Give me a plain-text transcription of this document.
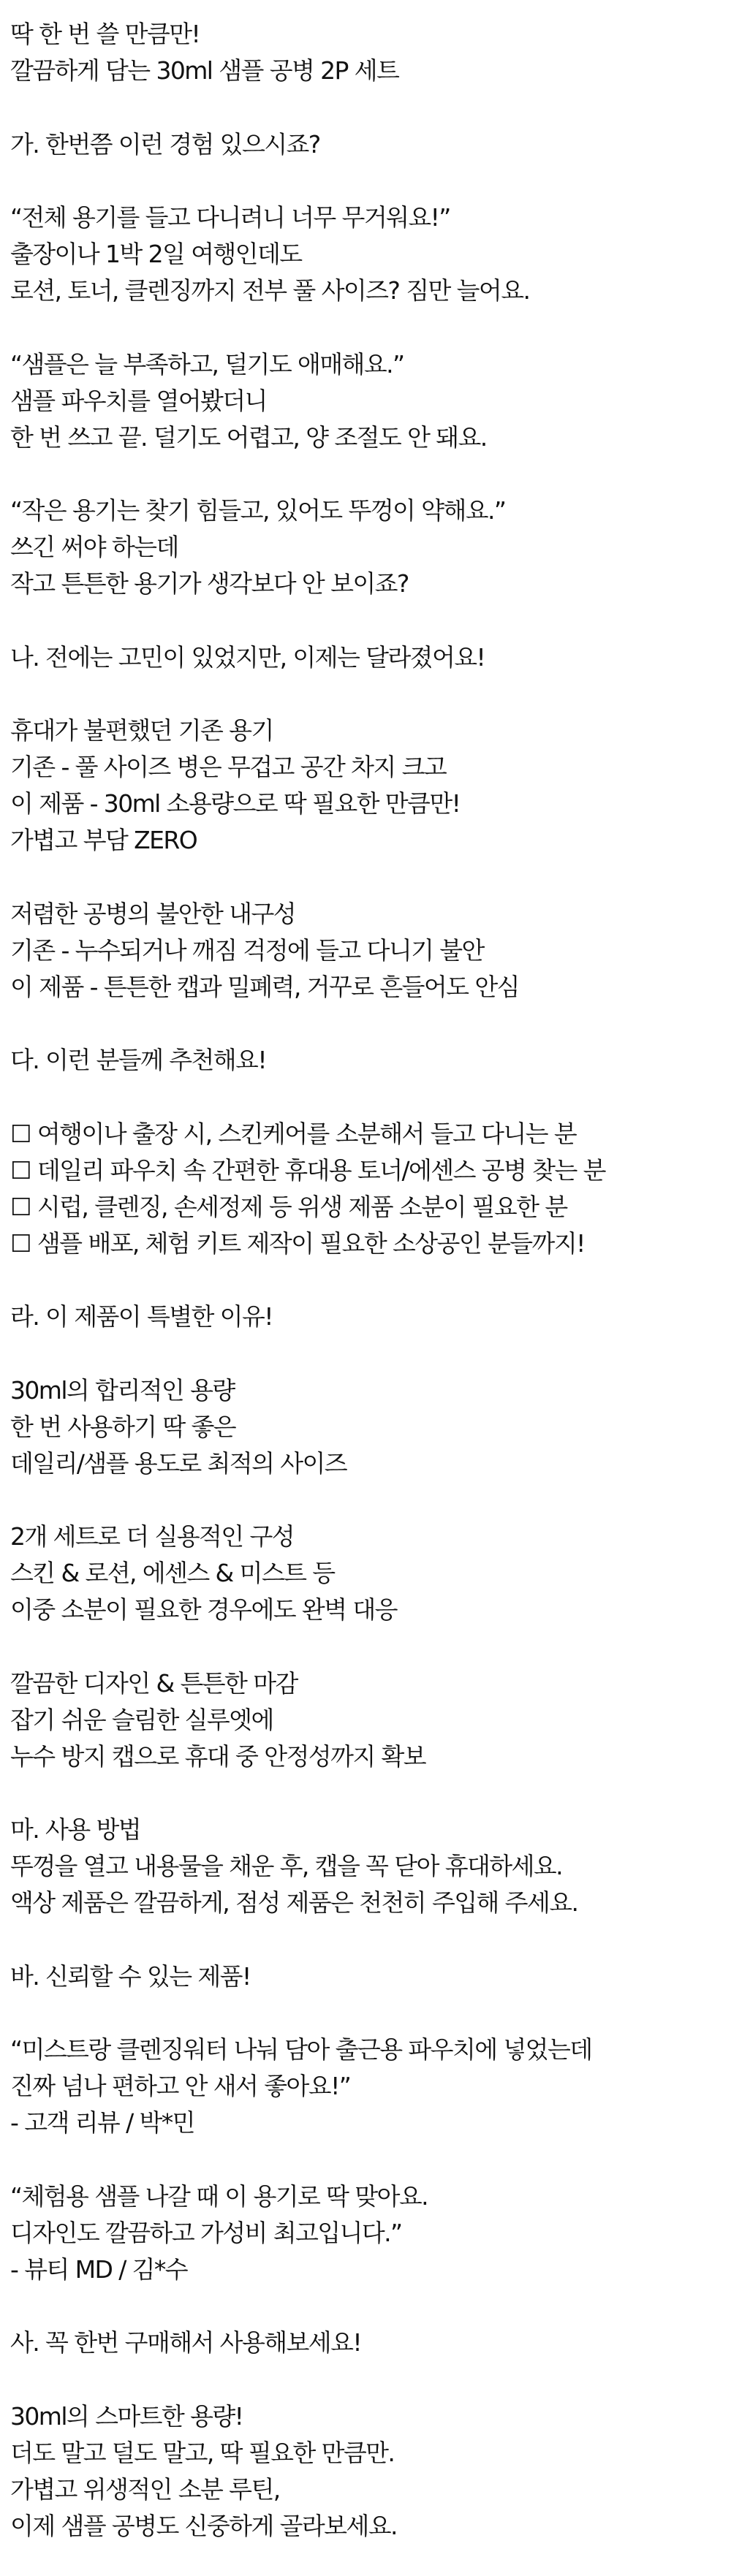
딱 한 번 쓸 만큼만!
깔끔하게 담는 30ml 샘플 공병 2P 세트
가. 한번쯤 이런 경험 있으시죠?
“전체 용기를 들고 다니려니 너무 무거워요!”
출장이나 1박 2일 여행인데도
로션, 토너, 클렌징까지 전부 풀 사이즈? 짐만 늘어요.
“샘플은 늘 부족하고, 덜기도 애매해요.”
샘플 파우치를 열어봤더니
한 번 쓰고 끝. 덜기도 어렵고, 양 조절도 안 돼요.
“작은 용기는 찾기 힘들고, 있어도 뚜껑이 약해요.”
쓰긴 써야 하는데
작고 튼튼한 용기가 생각보다 안 보이죠?
나. 전에는 고민이 있었지만, 이제는 달라졌어요!
휴대가 불편했던 기존 용기
기존 - 풀 사이즈 병은 무겁고 공간 차지 크고
이 제품 - 30ml 소용량으로 딱 필요한 만큼만!
가볍고 부담 ZERO
저렴한 공병의 불안한 내구성
기존 - 누수되거나 깨짐 걱정에 들고 다니기 불안
이 제품 - 튼튼한 캡과 밀폐력, 거꾸로 흔들어도 안심
다. 이런 분들께 추천해요!
☐ 여행이나 출장 시, 스킨케어를 소분해서 들고 다니는 분
☐ 데일리 파우치 속 간편한 휴대용 토너/에센스 공병 찾는 분
☐ 시럽, 클렌징, 손세정제 등 위생 제품 소분이 필요한 분
☐ 샘플 배포, 체험 키트 제작이 필요한 소상공인 분들까지!
라. 이 제품이 특별한 이유!
30ml의 합리적인 용량
한 번 사용하기 딱 좋은
데일리/샘플 용도로 최적의 사이즈
2개 세트로 더 실용적인 구성
스킨 & 로션, 에센스 & 미스트 등
이중 소분이 필요한 경우에도 완벽 대응
깔끔한 디자인 & 튼튼한 마감
잡기 쉬운 슬림한 실루엣에
누수 방지 캡으로 휴대 중 안정성까지 확보
마. 사용 방법
뚜껑을 열고 내용물을 채운 후, 캡을 꼭 닫아 휴대하세요.
액상 제품은 깔끔하게, 점성 제품은 천천히 주입해 주세요.
바. 신뢰할 수 있는 제품!
“미스트랑 클렌징워터 나눠 담아 출근용 파우치에 넣었는데
진짜 넘나 편하고 안 새서 좋아요!”
- 고객 리뷰 / 박*민
“체험용 샘플 나갈 때 이 용기로 딱 맞아요.
디자인도 깔끔하고 가성비 최고입니다.”
- 뷰티 MD / 김*수
사. 꼭 한번 구매해서 사용해보세요!
30ml의 스마트한 용량!
더도 말고 덜도 말고, 딱 필요한 만큼만.
가볍고 위생적인 소분 루틴,
이제 샘플 공병도 신중하게 골라보세요.
